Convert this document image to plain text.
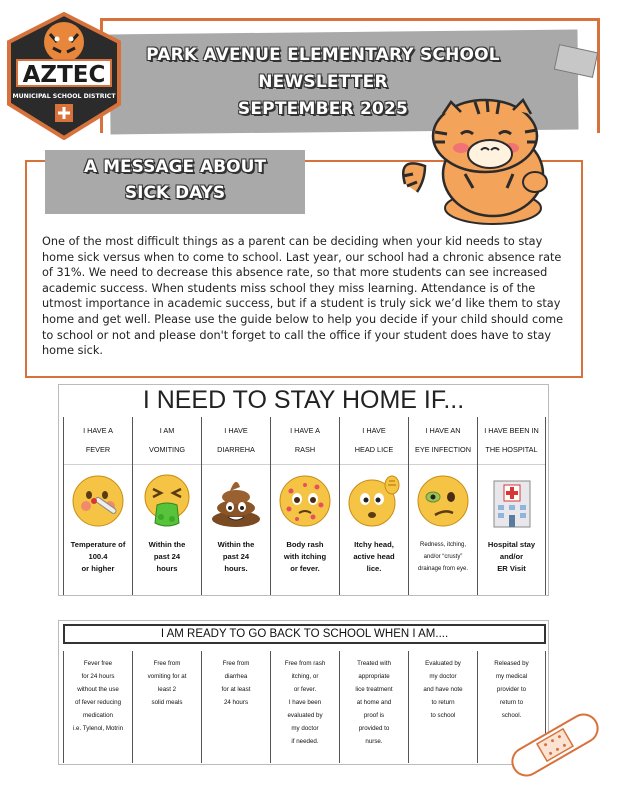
PARK AVENUE ELEMENTARY SCHOOL
NEWSLETTER
SEPTEMBER 2025
AZTEC
MUNICIPAL SCHOOL DISTRICT
A MESSAGE ABOUT
SICK DAYS

One of the most difficult things as a parent can be deciding when your kid needs to stay home sick versus when to come to school. Last year, our school had a chronic absence rate of 31%. We need to decrease this absence rate, so that more students can see increased academic success. When students miss school they miss learning. Attendance is of the utmost importance in academic success, but if a student is truly sick we’d like them to stay home and get well. Please use the guide below to help you decide if your child should come to school or not and please don't forget to call the office if your student does have to stay home sick.

I NEED TO STAY HOME IF...
I HAVE A
FEVER
Temperature of
100.4
or higher
I AM
VOMITING
Within the
past 24
hours
I HAVE
DIARREHA
Within the
past 24
hours.
I HAVE A
RASH
Body rash
with itching
or fever.
I HAVE
HEAD LICE
Itchy head,
active head
lice.
I HAVE AN
EYE INFECTION
Redness, itching,
and/or “crusty”
drainage from eye.
I HAVE BEEN IN
THE HOSPITAL
Hospital stay
and/or
ER Visit
I AM READY TO GO BACK TO SCHOOL WHEN I AM....
Fever free
for 24 hours
without the use
of fever reducing
medication
i.e. Tylenol, Motrin
Free from
vomiting for at
least 2
solid meals
Free from
diarrhea
for at least
24 hours
Free from rash
itching, or
or fever.
I have been
evaluated by
my doctor
if needed.
Treated with
appropriate
lice treatment
at home and
proof is
provided to
nurse.
Evaluated by
my doctor
and have note
to return
to school
Released by
my medical
provider to
return to
school.
